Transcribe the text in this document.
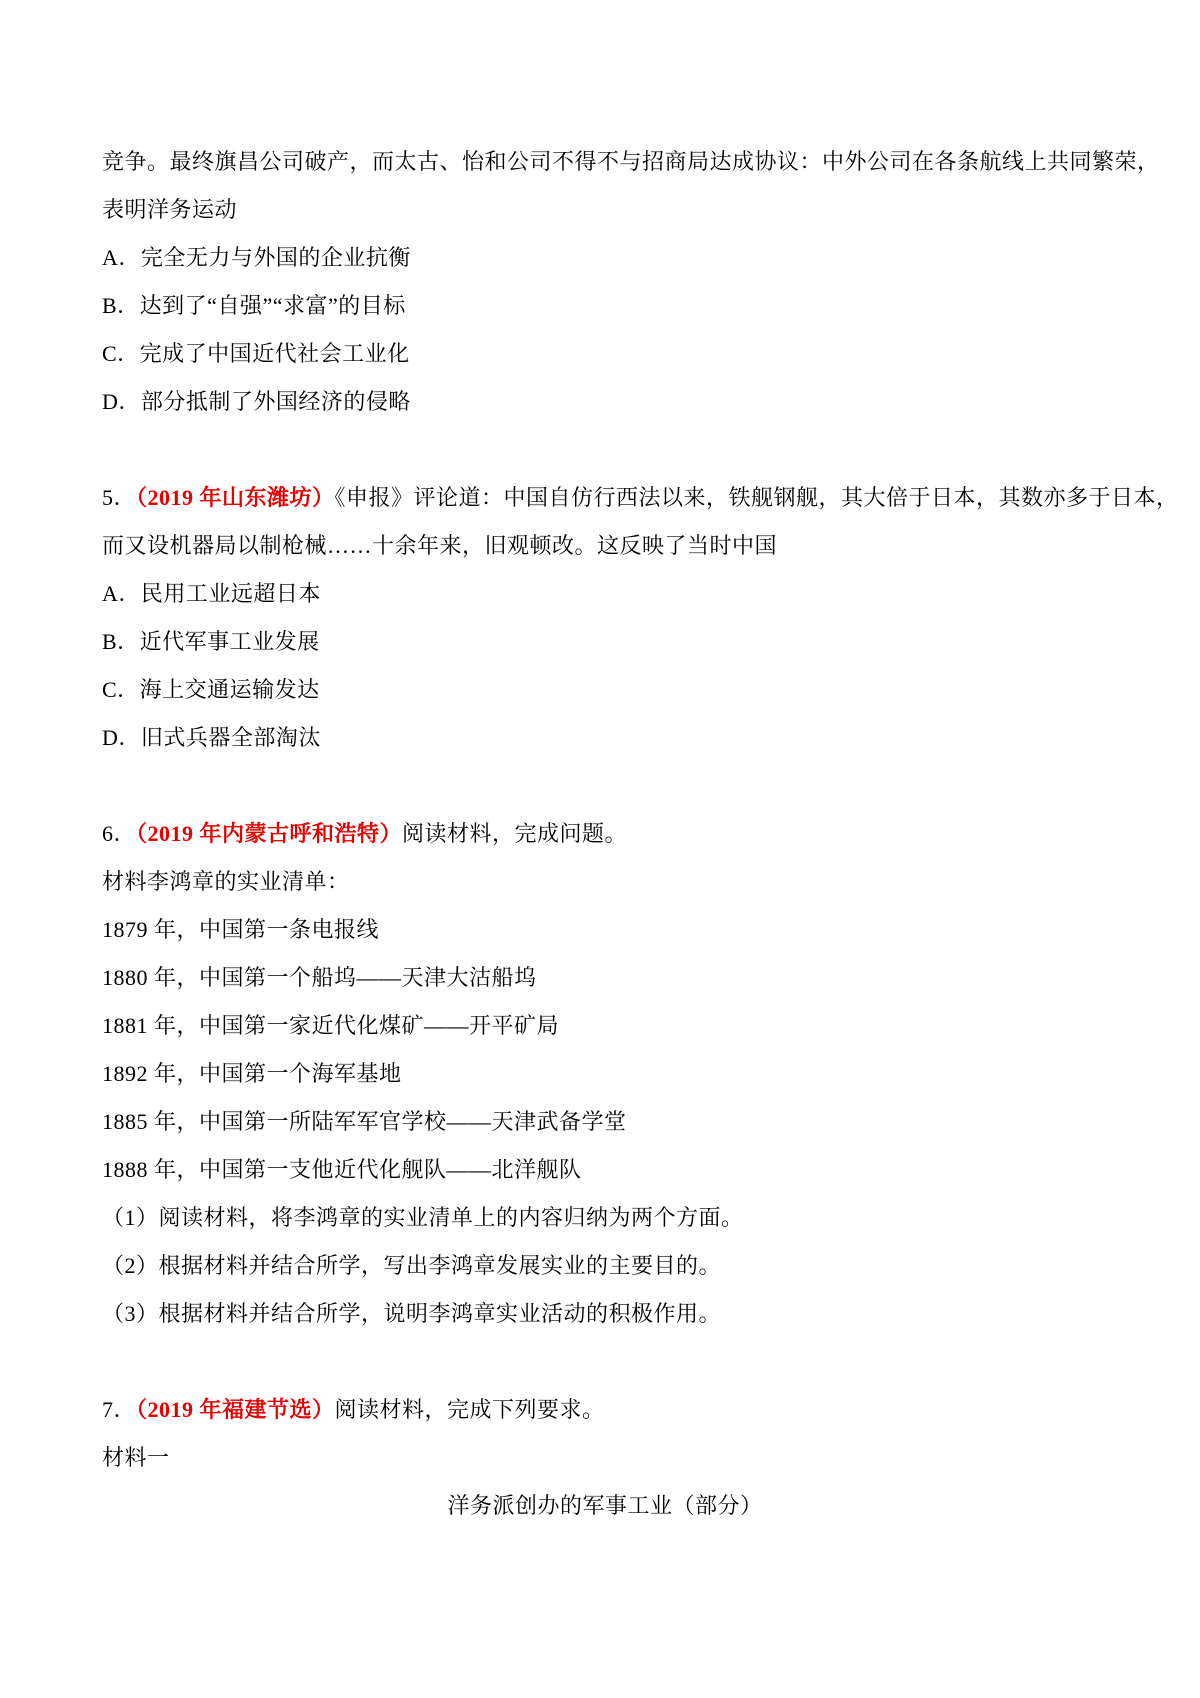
竞争。最终旗昌公司破产，而太古、怡和公司不得不与招商局达成协议：中外公司在各条航线上共同繁荣，
表明洋务运动
A．完全无力与外国的企业抗衡
B．达到了“自强”“求富”的目标
C．完成了中国近代社会工业化
D．部分抵制了外国经济的侵略
5．（2019 年山东潍坊）《申报》评论道：中国自仿行西法以来，铁舰钢舰，其大倍于日本，其数亦多于日本，
而又设机器局以制枪械……十余年来，旧观顿改。这反映了当时中国
A．民用工业远超日本
B．近代军事工业发展
C．海上交通运输发达
D．旧式兵器全部淘汰
6．（2019 年内蒙古呼和浩特）阅读材料，完成问题。
材料李鸿章的实业清单：
1879 年，中国第一条电报线
1880 年，中国第一个船坞——天津大沽船坞
1881 年，中国第一家近代化煤矿——开平矿局
1892 年，中国第一个海军基地
1885 年，中国第一所陆军军官学校——天津武备学堂
1888 年，中国第一支他近代化舰队——北洋舰队
（1）阅读材料，将李鸿章的实业清单上的内容归纳为两个方面。
（2）根据材料并结合所学，写出李鸿章发展实业的主要目的。
（3）根据材料并结合所学，说明李鸿章实业活动的积极作用。
7．（2019 年福建节选）阅读材料，完成下列要求。
材料一
洋务派创办的军事工业（部分）
